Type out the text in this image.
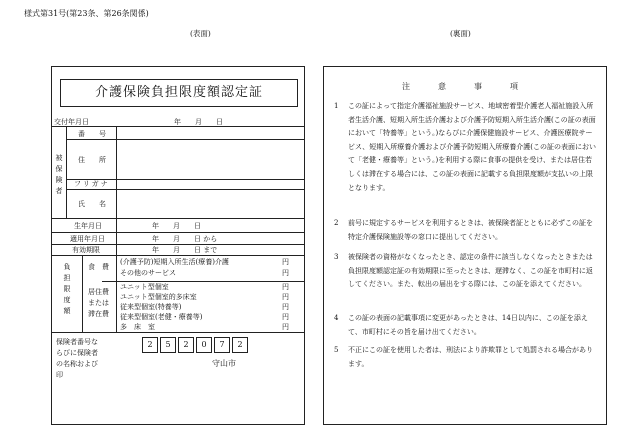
様式第31号(第23条、第26条関係)
(表面)	(裏面)
介護保険負担限度額認定証
交付年月日	年　　月　　日
被保険者
番　　号
住　　所
フリガナ
氏　　名
生年月日	年　　月　　日
適用年月日	年　　月　　日 から
有効期限	年　　月　　日 まで
負担限度額
食　費
(介護予防)短期入所生活(療養)介護	円
その他のサービス	円
居住費
または
滞在費
ユニット型個室	円
ユニット型個室的多床室	円
従来型個室(特養等)	円
従来型個室(老健・療養等)	円
多　床　室	円
保険者番号な
らびに保険者
の名称および
印
2	5	2	0	7	2
守山市
注　意　事　項
1	この証によって指定介護福祉施設サービス、地域密着型介護老人福祉施設入所者生活介護、短期入所生活介護および介護予防短期入所生活介護(この証の表面において「特養等」という。)ならびに介護保健施設サービス、介護医療院サービス、短期入所療養介護および介護予防短期入所療養介護(この証の表面において「老健・療養等」という。)を利用する際に食事の提供を受け、または居住若しくは滞在する場合には、この証の表面に記載する負担限度額が支払いの上限となります。
2	前号に規定するサービスを利用するときは、被保険者証とともに必ずこの証を特定介護保険施設等の窓口に提出してください。
3	被保険者の資格がなくなったとき、認定の条件に該当しなくなったときまたは負担限度額認定証の有効期限に至ったときは、遅滞なく、この証を市町村に返してください。また、転出の届出をする際には、この証を添えてください。
4	この証の表面の記載事項に変更があったときは、14日以内に、この証を添えて、市町村にその旨を届け出てください。
5	不正にこの証を使用した者は、刑法により詐欺罪として処罰される場合があります。
